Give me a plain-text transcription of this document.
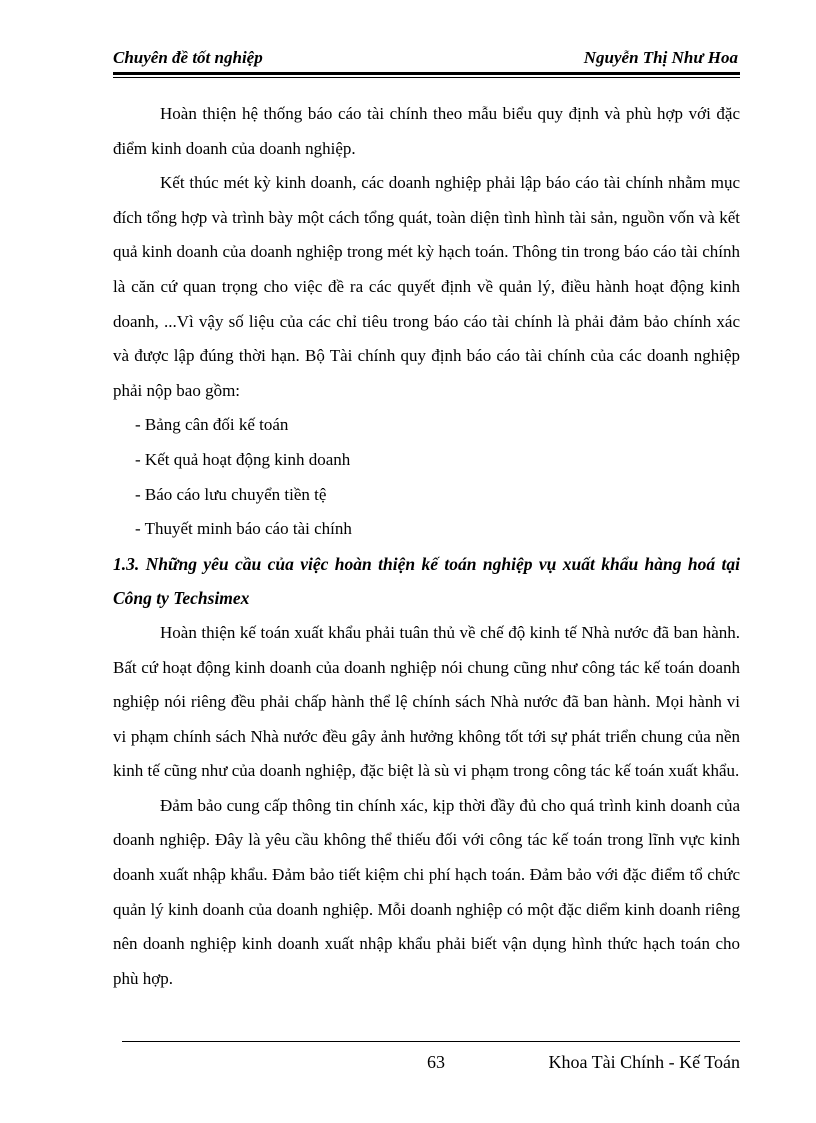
Chuyên đề tốt nghiệp	Nguyễn Thị Như Hoa

Hoàn thiện hệ thống báo cáo tài chính theo mẫu biểu quy định và phù hợp với đặc điểm kinh doanh của doanh nghiệp.

Kết thúc mét kỳ kinh doanh, các doanh nghiệp phải lập báo cáo tài chính nhằm mục đích tổng hợp và trình bày một cách tổng quát, toàn diện tình hình tài sản, nguồn vốn và kết quả kinh doanh của doanh nghiệp trong mét kỳ hạch toán. Thông tin trong báo cáo tài chính là căn cứ quan trọng cho việc đề ra các quyết định về quản lý, điều hành hoạt động kinh doanh, ...Vì vậy số liệu của các chỉ tiêu trong báo cáo tài chính là phải đảm bảo chính xác và được lập đúng thời hạn. Bộ Tài chính quy định báo cáo tài chính của các doanh nghiệp phải nộp bao gồm:

- Bảng cân đối kế toán

- Kết quả hoạt động kinh doanh

- Báo cáo lưu chuyển tiền tệ

- Thuyết minh báo cáo tài chính

1.3. Những yêu cầu của việc hoàn thiện kế toán nghiệp vụ xuất khẩu hàng hoá tại Công ty Techsimex

Hoàn thiện kế toán xuất khẩu phải tuân thủ về chế độ kinh tế Nhà nước đã ban hành. Bất cứ hoạt động kinh doanh của doanh nghiệp nói chung cũng như công tác kế toán doanh nghiệp nói riêng đều phải chấp hành thể lệ chính sách Nhà nước đã ban hành. Mọi hành vi vi phạm chính sách Nhà nước đều gây ảnh hưởng không tốt tới sự phát triển chung của nền kinh tế cũng như của doanh nghiệp, đặc biệt là sù vi phạm trong công tác kế toán xuất khẩu.

Đảm bảo cung cấp thông tin chính xác, kịp thời đầy đủ cho quá trình kinh doanh của doanh nghiệp. Đây là yêu cầu không thể thiếu đối với công tác kế toán trong lĩnh vực kinh doanh xuất nhập khẩu. Đảm bảo tiết kiệm chi phí hạch toán. Đảm bảo với đặc điểm tổ chức quản lý kinh doanh của doanh nghiệp. Mỗi doanh nghiệp có một đặc diểm kinh doanh riêng nên doanh nghiệp kinh doanh xuất nhập khẩu phải biết vận dụng hình thức hạch toán cho phù hợp.

63	Khoa Tài Chính - Kế Toán
